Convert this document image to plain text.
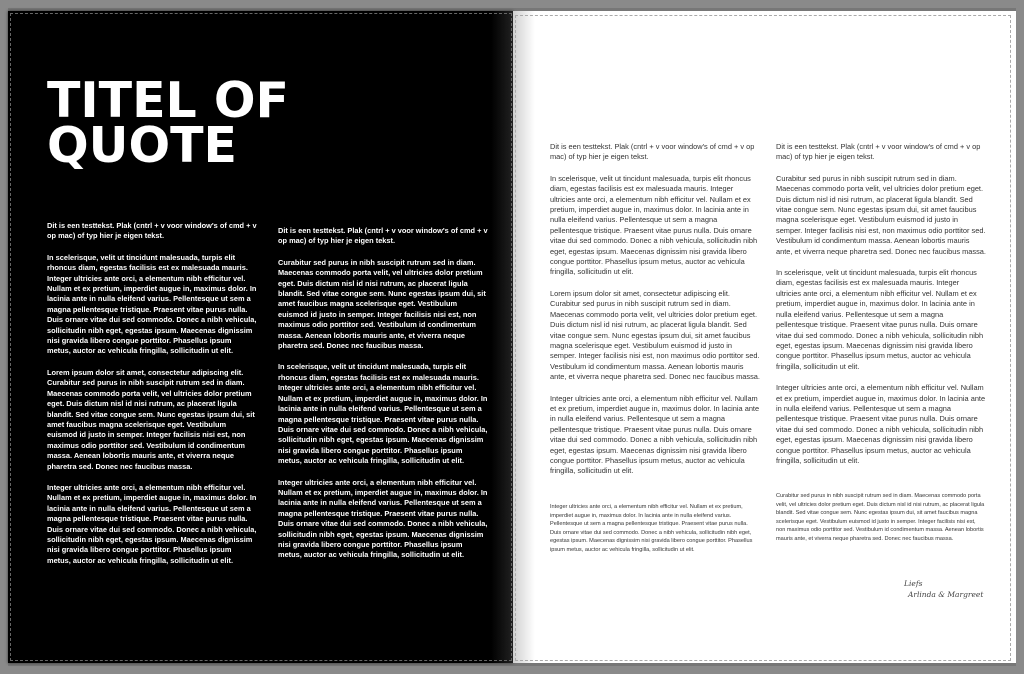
TITEL OF
QUOTE

Dit is een testtekst. Plak (cntrl + v voor window's of cmd + v op mac) of typ hier je eigen tekst.

In scelerisque, velit ut tincidunt malesuada, turpis elit rhoncus diam, egestas facilisis est ex malesuada mauris. Integer ultricies ante orci, a elementum nibh efficitur vel. Nullam et ex pretium, imperdiet augue in, maximus dolor. In lacinia ante in nulla eleifend varius. Pellentesque ut sem a magna pellentesque tristique. Praesent vitae purus nulla. Duis ornare vitae dui sed commodo. Donec a nibh vehicula, sollicitudin nibh eget, egestas ipsum. Maecenas dignissim nisi gravida libero congue porttitor. Phasellus ipsum metus, auctor ac vehicula fringilla, sollicitudin ut elit.

Lorem ipsum dolor sit amet, consectetur adipiscing elit. Curabitur sed purus in nibh suscipit rutrum sed in diam. Maecenas commodo porta velit, vel ultricies dolor pretium eget. Duis dictum nisl id nisi rutrum, ac placerat ligula blandit. Sed vitae congue sem. Nunc egestas ipsum dui, sit amet faucibus magna scelerisque eget. Vestibulum euismod id justo in semper. Integer facilisis nisi est, non maximus odio porttitor sed. Vestibulum id condimentum massa. Aenean lobortis mauris ante, et viverra neque pharetra sed. Donec nec faucibus massa.

Integer ultricies ante orci, a elementum nibh efficitur vel. Nullam et ex pretium, imperdiet augue in, maximus dolor. In lacinia ante in nulla eleifend varius. Pellentesque ut sem a magna pellentesque tristique. Praesent vitae purus nulla. Duis ornare vitae dui sed commodo. Donec a nibh vehicula, sollicitudin nibh eget, egestas ipsum. Maecenas dignissim nisi gravida libero congue porttitor. Phasellus ipsum metus, auctor ac vehicula fringilla, sollicitudin ut elit.

Dit is een testtekst. Plak (cntrl + v voor window's of cmd + v op mac) of typ hier je eigen tekst.

Curabitur sed purus in nibh suscipit rutrum sed in diam. Maecenas commodo porta velit, vel ultricies dolor pretium eget. Duis dictum nisl id nisi rutrum, ac placerat ligula blandit. Sed vitae congue sem. Nunc egestas ipsum dui, sit amet faucibus magna scelerisque eget. Vestibulum euismod id justo in semper. Integer facilisis nisi est, non maximus odio porttitor sed. Vestibulum id condimentum massa. Aenean lobortis mauris ante, et viverra neque pharetra sed. Donec nec faucibus massa.

In scelerisque, velit ut tincidunt malesuada, turpis elit rhoncus diam, egestas facilisis est ex malesuada mauris. Integer ultricies ante orci, a elementum nibh efficitur vel. Nullam et ex pretium, imperdiet augue in, maximus dolor. In lacinia ante in nulla eleifend varius. Pellentesque ut sem a magna pellentesque tristique. Praesent vitae purus nulla. Duis ornare vitae dui sed commodo. Donec a nibh vehicula, sollicitudin nibh eget, egestas ipsum. Maecenas dignissim nisi gravida libero congue porttitor. Phasellus ipsum metus, auctor ac vehicula fringilla, sollicitudin ut elit.

Integer ultricies ante orci, a elementum nibh efficitur vel. Nullam et ex pretium, imperdiet augue in, maximus dolor. In lacinia ante in nulla eleifend varius. Pellentesque ut sem a magna pellentesque tristique. Praesent vitae purus nulla. Duis ornare vitae dui sed commodo. Donec a nibh vehicula, sollicitudin nibh eget, egestas ipsum. Maecenas dignissim nisi gravida libero congue porttitor. Phasellus ipsum metus, auctor ac vehicula fringilla, sollicitudin ut elit.

Dit is een testtekst. Plak (cntrl + v voor window's of cmd + v op mac) of typ hier je eigen tekst.

In scelerisque, velit ut tincidunt malesuada, turpis elit rhoncus diam, egestas facilisis est ex malesuada mauris. Integer ultricies ante orci, a elementum nibh efficitur vel. Nullam et ex pretium, imperdiet augue in, maximus dolor. In lacinia ante in nulla eleifend varius. Pellentesque ut sem a magna pellentesque tristique. Praesent vitae purus nulla. Duis ornare vitae dui sed commodo. Donec a nibh vehicula, sollicitudin nibh eget, egestas ipsum. Maecenas dignissim nisi gravida libero congue porttitor. Phasellus ipsum metus, auctor ac vehicula fringilla, sollicitudin ut elit.

Lorem ipsum dolor sit amet, consectetur adipiscing elit. Curabitur sed purus in nibh suscipit rutrum sed in diam. Maecenas commodo porta velit, vel ultricies dolor pretium eget. Duis dictum nisl id nisi rutrum, ac placerat ligula blandit. Sed vitae congue sem. Nunc egestas ipsum dui, sit amet faucibus magna scelerisque eget. Vestibulum euismod id justo in semper. Integer facilisis nisi est, non maximus odio porttitor sed. Vestibulum id condimentum massa. Aenean lobortis mauris ante, et viverra neque pharetra sed. Donec nec faucibus massa.

Integer ultricies ante orci, a elementum nibh efficitur vel. Nullam et ex pretium, imperdiet augue in, maximus dolor. In lacinia ante in nulla eleifend varius. Pellentesque ut sem a magna pellentesque tristique. Praesent vitae purus nulla. Duis ornare vitae dui sed commodo. Donec a nibh vehicula, sollicitudin nibh eget, egestas ipsum. Maecenas dignissim nisi gravida libero congue porttitor. Phasellus ipsum metus, auctor ac vehicula fringilla, sollicitudin ut elit.

Integer ultricies ante orci, a elementum nibh efficitur vel. Nullam et ex pretium, imperdiet augue in, maximus dolor. In lacinia ante in nulla eleifend varius. Pellentesque ut sem a magna pellentesque tristique. Praesent vitae purus nulla. Duis ornare vitae dui sed commodo. Donec a nibh vehicula, sollicitudin nibh eget, egestas ipsum. Maecenas dignissim nisi gravida libero congue porttitor. Phasellus ipsum metus, auctor ac vehicula fringilla, sollicitudin ut elit.

Dit is een testtekst. Plak (cntrl + v voor window's of cmd + v op mac) of typ hier je eigen tekst.

Curabitur sed purus in nibh suscipit rutrum sed in diam. Maecenas commodo porta velit, vel ultricies dolor pretium eget. Duis dictum nisl id nisi rutrum, ac placerat ligula blandit. Sed vitae congue sem. Nunc egestas ipsum dui, sit amet faucibus magna scelerisque eget. Vestibulum euismod id justo in semper. Integer facilisis nisi est, non maximus odio porttitor sed. Vestibulum id condimentum massa. Aenean lobortis mauris ante, et viverra neque pharetra sed. Donec nec faucibus massa.

In scelerisque, velit ut tincidunt malesuada, turpis elit rhoncus diam, egestas facilisis est ex malesuada mauris. Integer ultricies ante orci, a elementum nibh efficitur vel. Nullam et ex pretium, imperdiet augue in, maximus dolor. In lacinia ante in nulla eleifend varius. Pellentesque ut sem a magna pellentesque tristique. Praesent vitae purus nulla. Duis ornare vitae dui sed commodo. Donec a nibh vehicula, sollicitudin nibh eget, egestas ipsum. Maecenas dignissim nisi gravida libero congue porttitor. Phasellus ipsum metus, auctor ac vehicula fringilla, sollicitudin ut elit.

Integer ultricies ante orci, a elementum nibh efficitur vel. Nullam et ex pretium, imperdiet augue in, maximus dolor. In lacinia ante in nulla eleifend varius. Pellentesque ut sem a magna pellentesque tristique. Praesent vitae purus nulla. Duis ornare vitae dui sed commodo. Donec a nibh vehicula, sollicitudin nibh eget, egestas ipsum. Maecenas dignissim nisi gravida libero congue porttitor. Phasellus ipsum metus, auctor ac vehicula fringilla, sollicitudin ut elit.

Curabitur sed purus in nibh suscipit rutrum sed in diam. Maecenas commodo porta velit, vel ultricies dolor pretium eget. Duis dictum nisl id nisi rutrum, ac placerat ligula blandit. Sed vitae congue sem. Nunc egestas ipsum dui, sit amet faucibus magna scelerisque eget. Vestibulum euismod id justo in semper. Integer facilisis nisi est, non maximus odio porttitor sed. Vestibulum id condimentum massa. Aenean lobortis mauris ante, et viverra neque pharetra sed. Donec nec faucibus massa.
Liefs
Arlinda & Margreet
